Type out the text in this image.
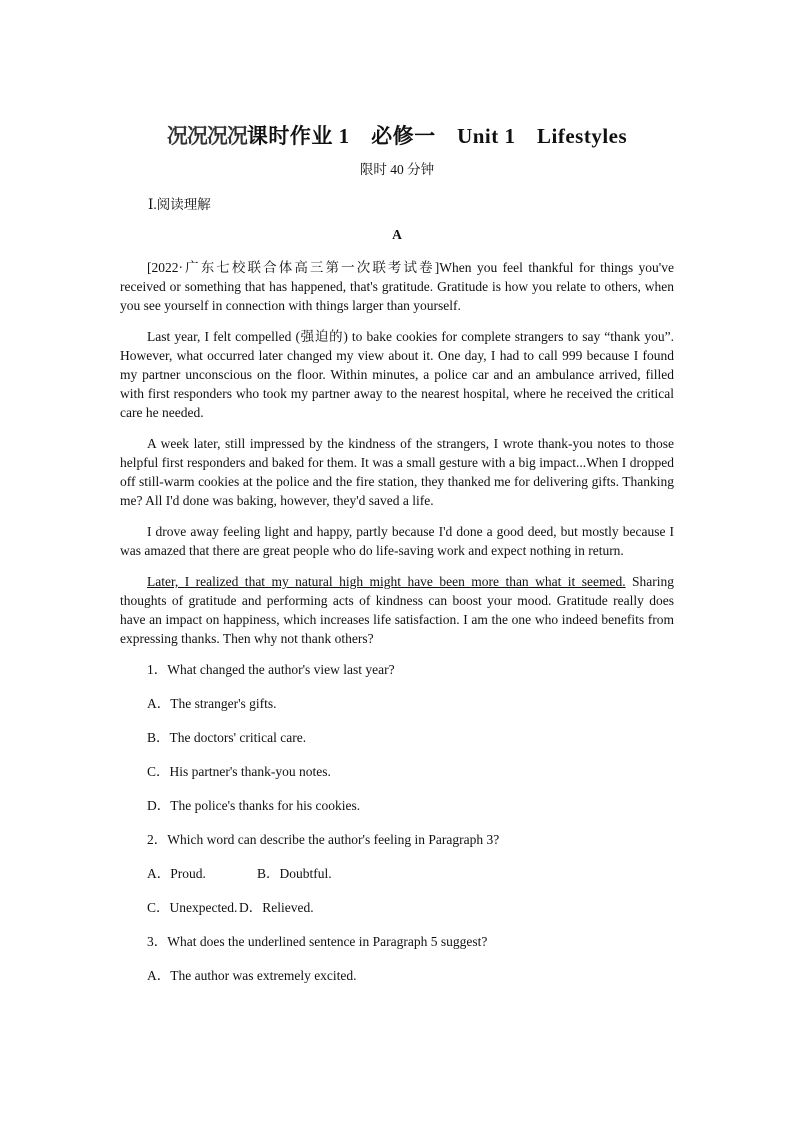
况况况况课时作业 1　必修一　Unit 1　Lifestyles
限时 40 分钟
Ⅰ.阅读理解
A

[2022·广东七校联合体高三第一次联考试卷]When you feel thankful for things you've received or something that has happened, that's gratitude. Gratitude is how you relate to others, when you see yourself in connection with things larger than yourself.

Last year, I felt compelled (强迫的) to bake cookies for complete strangers to say “thank you”. However, what occurred later changed my view about it. One day, I had to call 999 because I found my partner unconscious on the floor. Within minutes, a police car and an ambulance arrived, filled with first responders who took my partner away to the nearest hospital, where he received the critical care he needed.

A week later, still impressed by the kindness of the strangers, I wrote thank-you notes to those helpful first responders and baked for them. It was a small gesture with a big impact...When I dropped off still-warm cookies at the police and the fire station, they thanked me for delivering gifts. Thanking me? All I'd done was baking, however, they'd saved a life.

I drove away feeling light and happy, partly because I'd done a good deed, but mostly because I was amazed that there are great people who do life-saving work and expect nothing in return.

Later, I realized that my natural high might have been more than what it seemed. Sharing thoughts of gratitude and performing acts of kindness can boost your mood. Gratitude really does have an impact on happiness, which increases life satisfaction. I am the one who indeed benefits from expressing thanks. Then why not thank others?

1．What changed the author's view last year?
A．The stranger's gifts.
B．The doctors' critical care.
C．His partner's thank-you notes.
D．The police's thanks for his cookies.
2．Which word can describe the author's feeling in Paragraph 3?
A．Proud.	B．Doubtful.
C．Unexpected. D．Relieved.
3．What does the underlined sentence in Paragraph 5 suggest?
A．The author was extremely excited.
